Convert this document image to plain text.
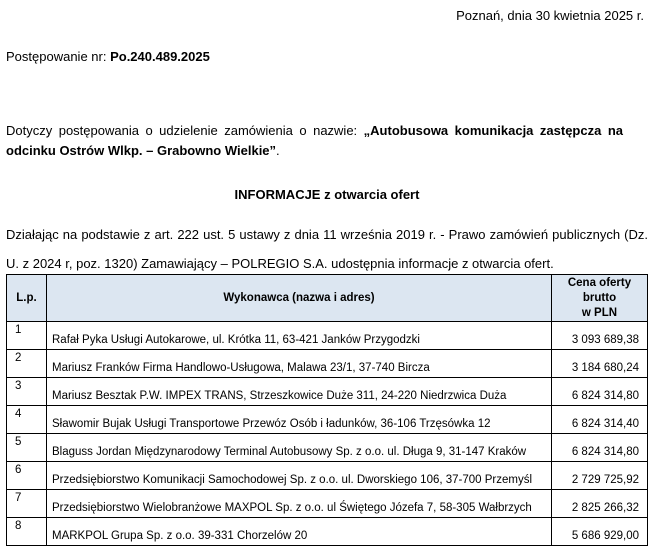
Poznań, dnia 30 kwietnia 2025 r.
Postępowanie nr: Po.240.489.2025
Dotyczy postępowania o udzielenie zamówienia o nazwie: „Autobusowa komunikacja zastępcza na odcinku Ostrów Wlkp. – Grabowno Wielkie”.
INFORMACJE z otwarcia ofert
Działając na podstawie z art. 222 ust. 5 ustawy z dnia 11 września 2019 r. - Prawo zamówień publicznych (Dz. U. z 2024 r, poz. 1320) Zamawiający – POLREGIO S.A. udostępnia informacje z otwarcia ofert.
L.p.	Wykonawca (nazwa i adres)	Cena oferty
brutto
w PLN
1	Rafał Pyka Usługi Autokarowe, ul. Krótka 11, 63-421 Janków Przygodzki	3 093 689,38
2	Mariusz Franków Firma Handlowo-Usługowa, Malawa 23/1, 37-740 Bircza	3 184 680,24
3	Mariusz Besztak P.W. IMPEX TRANS, Strzeszkowice Duże 311, 24-220 Niedrzwica Duża	6 824 314,80
4	Sławomir Bujak Usługi Transportowe Przewóz Osób i ładunków, 36-106 Trzęsówka 12	6 824 314,40
5	Blaguss Jordan Międzynarodowy Terminal Autobusowy Sp. z o.o. ul. Długa 9, 31-147 Kraków	6 824 314,80
6	Przedsiębiorstwo Komunikacji Samochodowej Sp. z o.o. ul. Dworskiego 106, 37-700 Przemyśl	2 729 725,92
7	Przedsiębiorstwo Wielobranżowe MAXPOL Sp. z o.o. ul Świętego Józefa 7, 58-305 Wałbrzych	2 825 266,32
8	MARKPOL Grupa Sp. z o.o. 39-331 Chorzelów 20	5 686 929,00
